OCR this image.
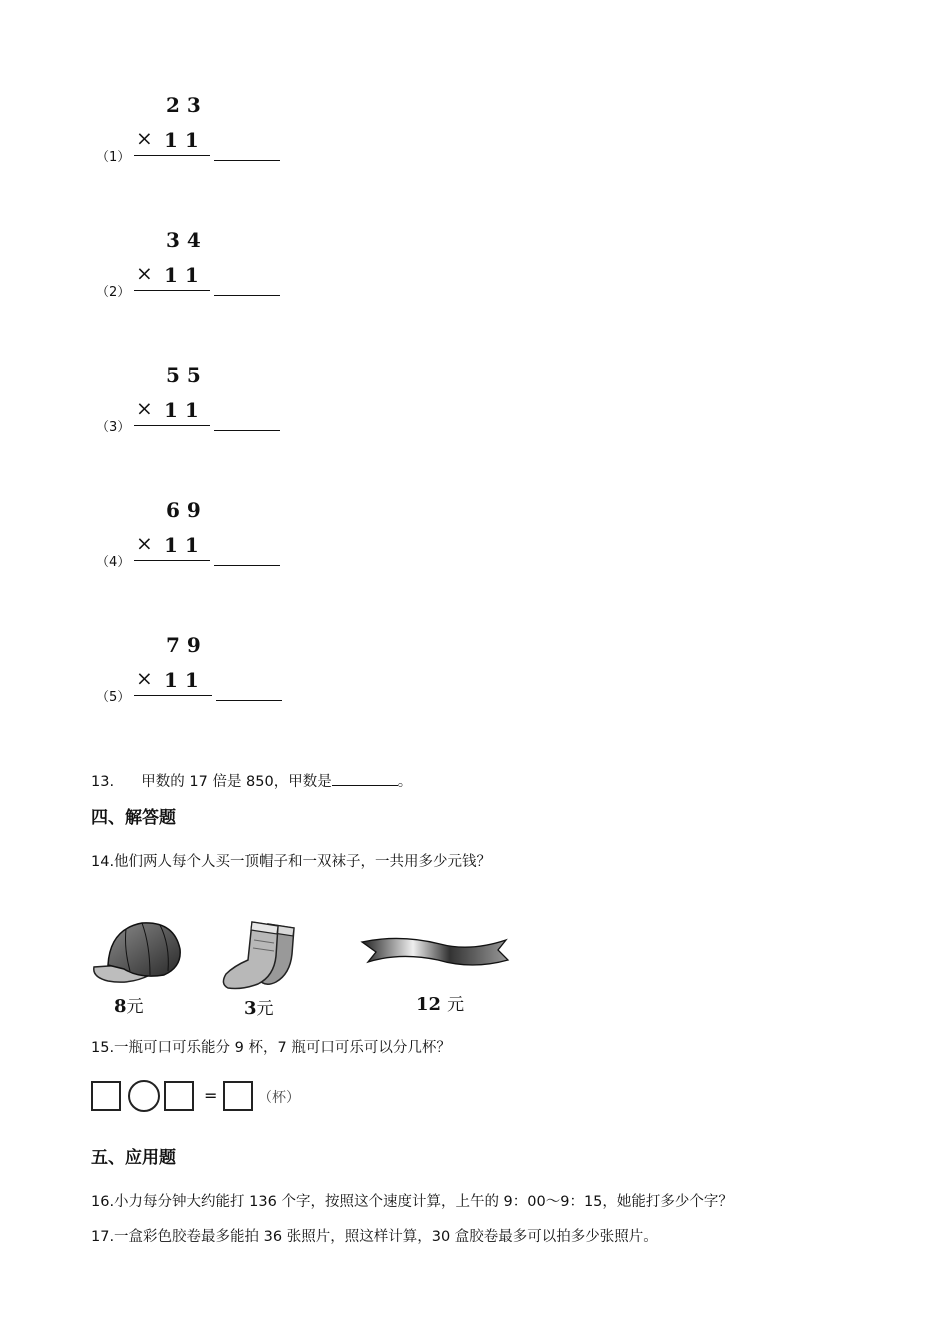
2 3
× 1 1
（1）
3 4
× 1 1
（2）
5 5
× 1 1
（3）
6 9
× 1 1
（4）
7 9
× 1 1
（5）
13. 甲数的 17 倍是 850，甲数是	。
四、解答题
14.他们两人每个人买一顶帽子和一双袜子，一共用多少元钱？
8元	3元	12 元
15.一瓶可口可乐能分 9 杯，7 瓶可口可乐可以分几杯？
=	（杯）
五、应用题
16.小力每分钟大约能打 136 个字，按照这个速度计算，上午的 9：00～9：15，她能打多少个字？
17.一盒彩色胶卷最多能拍 36 张照片，照这样计算，30 盒胶卷最多可以拍多少张照片。
